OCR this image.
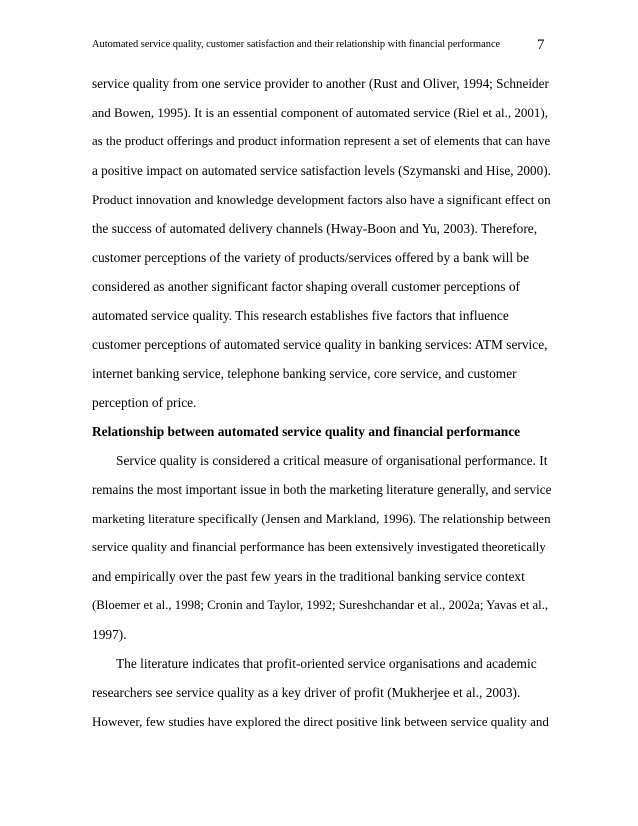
Automated service quality, customer satisfaction and their relationship with financial performance	7
service quality from one service provider to another (Rust and Oliver, 1994; Schneider
and Bowen, 1995). It is an essential component of automated service (Riel et al., 2001),
as the product offerings and product information represent a set of elements that can have
a positive impact on automated service satisfaction levels (Szymanski and Hise, 2000).
Product innovation and knowledge development factors also have a significant effect on
the success of automated delivery channels (Hway-Boon and Yu, 2003). Therefore,
customer perceptions of the variety of products/services offered by a bank will be
considered as another significant factor shaping overall customer perceptions of
automated service quality. This research establishes five factors that influence
customer perceptions of automated service quality in banking services: ATM service,
internet banking service, telephone banking service, core service, and customer
perception of price.
Relationship between automated service quality and financial performance
Service quality is considered a critical measure of organisational performance. It
remains the most important issue in both the marketing literature generally, and service
marketing literature specifically (Jensen and Markland, 1996). The relationship between
service quality and financial performance has been extensively investigated theoretically
and empirically over the past few years in the traditional banking service context
(Bloemer et al., 1998; Cronin and Taylor, 1992; Sureshchandar et al., 2002a; Yavas et al.,
1997).
The literature indicates that profit-oriented service organisations and academic
researchers see service quality as a key driver of profit (Mukherjee et al., 2003).
However, few studies have explored the direct positive link between service quality and
